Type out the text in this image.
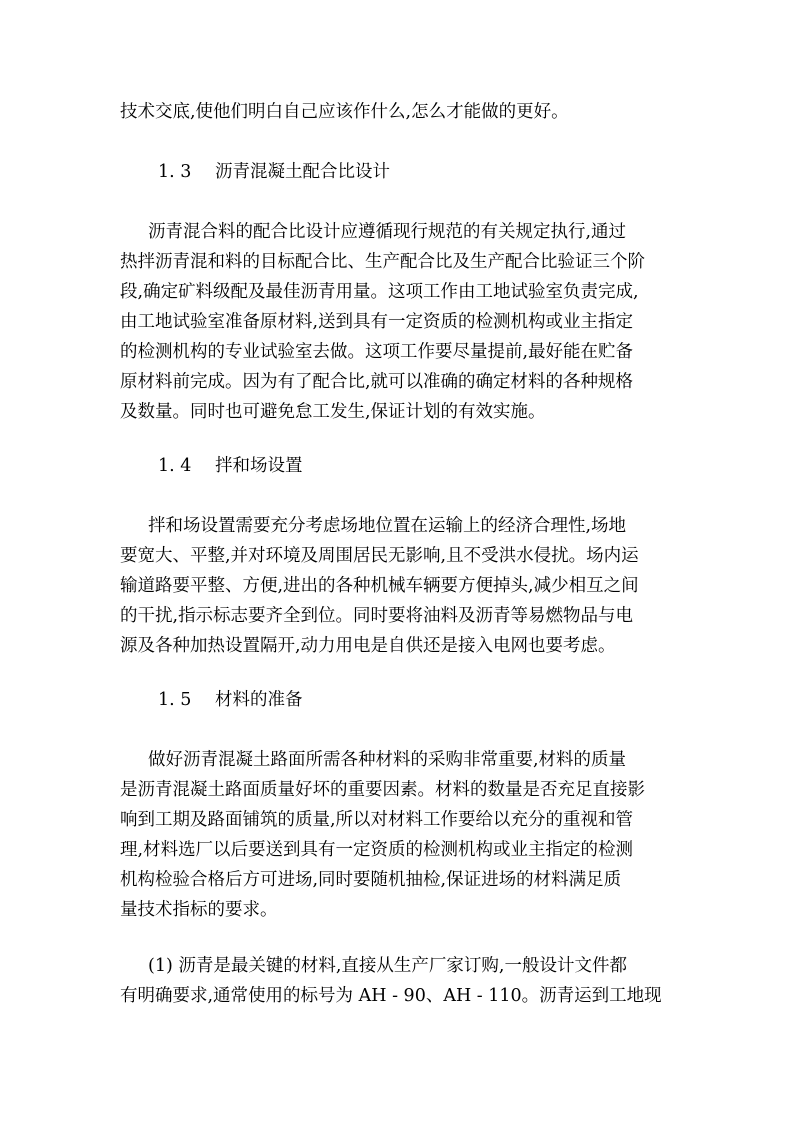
技术交底,使他们明白自己应该作什么,怎么才能做的更好。
1. 3 沥青混凝土配合比设计
沥青混合料的配合比设计应遵循现行规范的有关规定执行,通过
热拌沥青混和料的目标配合比、生产配合比及生产配合比验证三个阶
段,确定矿料级配及最佳沥青用量。这项工作由工地试验室负责完成,
由工地试验室准备原材料,送到具有一定资质的检测机构或业主指定
的检测机构的专业试验室去做。这项工作要尽量提前,最好能在贮备
原材料前完成。因为有了配合比,就可以准确的确定材料的各种规格
及数量。同时也可避免怠工发生,保证计划的有效实施。
1. 4 拌和场设置
拌和场设置需要充分考虑场地位置在运输上的经济合理性,场地
要宽大、平整,并对环境及周围居民无影响,且不受洪水侵扰。场内运
输道路要平整、方便,进出的各种机械车辆要方便掉头,减少相互之间
的干扰,指示标志要齐全到位。同时要将油料及沥青等易燃物品与电
源及各种加热设置隔开,动力用电是自供还是接入电网也要考虑。
1. 5 材料的准备
做好沥青混凝土路面所需各种材料的采购非常重要,材料的质量
是沥青混凝土路面质量好坏的重要因素。材料的数量是否充足直接影
响到工期及路面铺筑的质量,所以对材料工作要给以充分的重视和管
理,材料选厂以后要送到具有一定资质的检测机构或业主指定的检测
机构检验合格后方可进场,同时要随机抽检,保证进场的材料满足质
量技术指标的要求。
(1) 沥青是最关键的材料,直接从生产厂家订购,一般设计文件都
有明确要求,通常使用的标号为 AH - 90、AH - 110。沥青运到工地现
